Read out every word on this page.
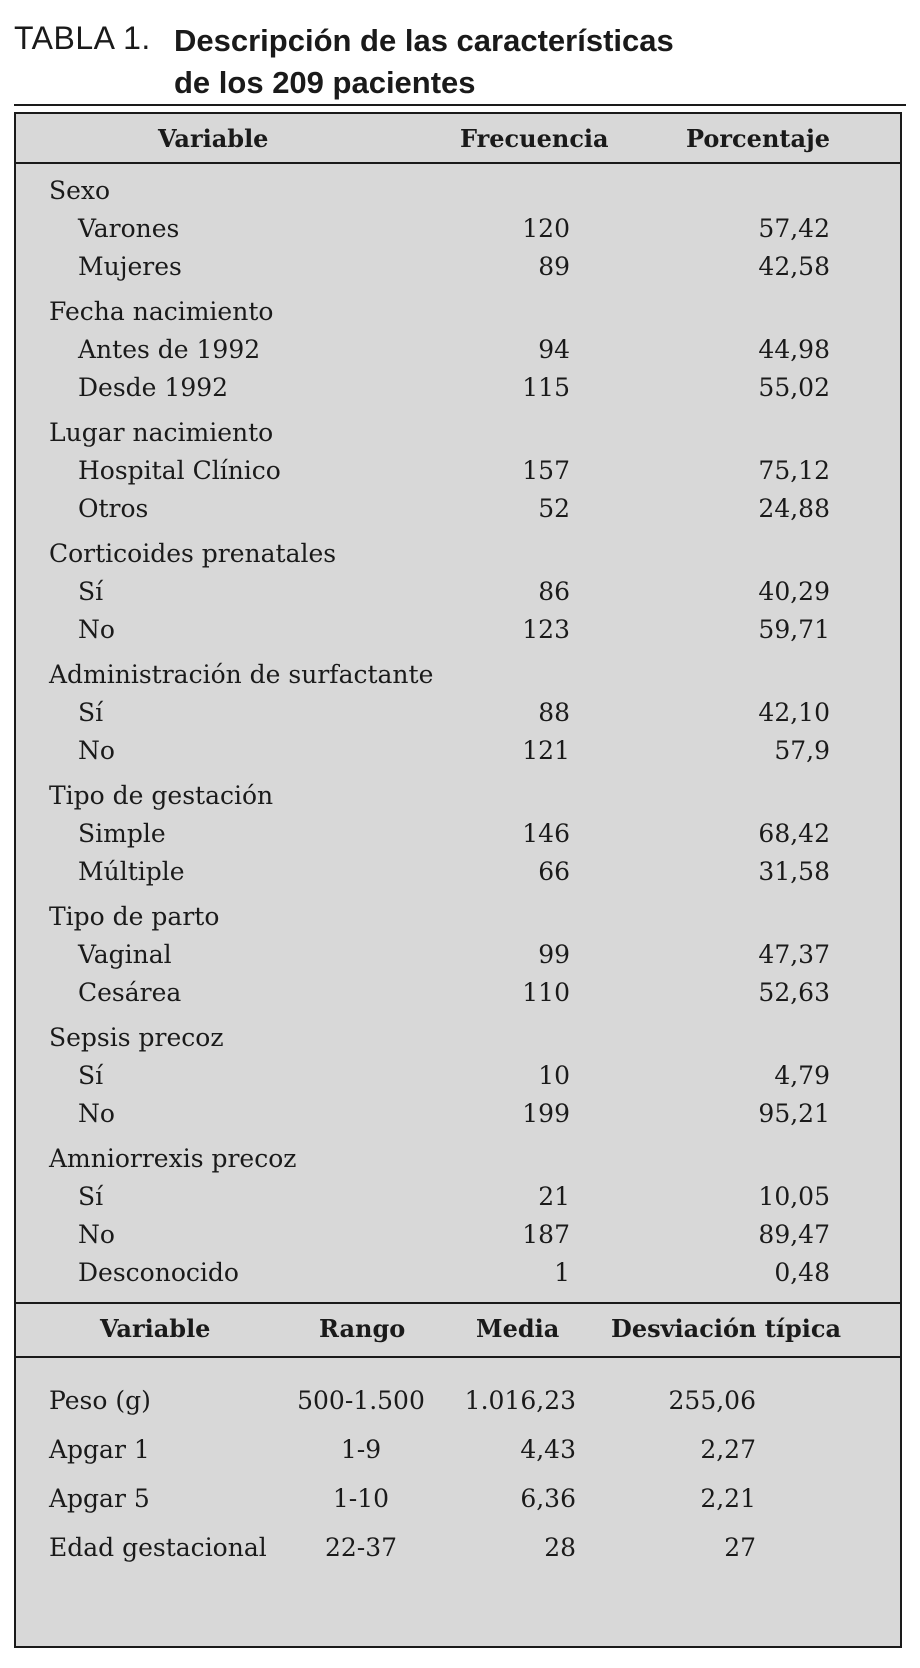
TABLA 1. Descripción de las características
de los 209 pacientes
Variable	Frecuencia	Porcentaje
Sexo
Varones	120	57,42
Mujeres	89	42,58
Fecha nacimiento
Antes de 1992	94	44,98
Desde 1992	115	55,02
Lugar nacimiento
Hospital Clínico	157	75,12
Otros	52	24,88
Corticoides prenatales
Sí	86	40,29
No	123	59,71
Administración de surfactante
Sí	88	42,10
No	121	57,9
Tipo de gestación
Simple	146	68,42
Múltiple	66	31,58
Tipo de parto
Vaginal	99	47,37
Cesárea	110	52,63
Sepsis precoz
Sí	10	4,79
No	199	95,21
Amniorrexis precoz
Sí	21	10,05
No	187	89,47
Desconocido	1	0,48
Variable	Rango	Media Desviación típica
Peso (g)	500-1.500	1.016,23	255,06
Apgar 1	1-9	4,43	2,27
Apgar 5	1-10	6,36	2,21
Edad gestacional	22-37	28	27
